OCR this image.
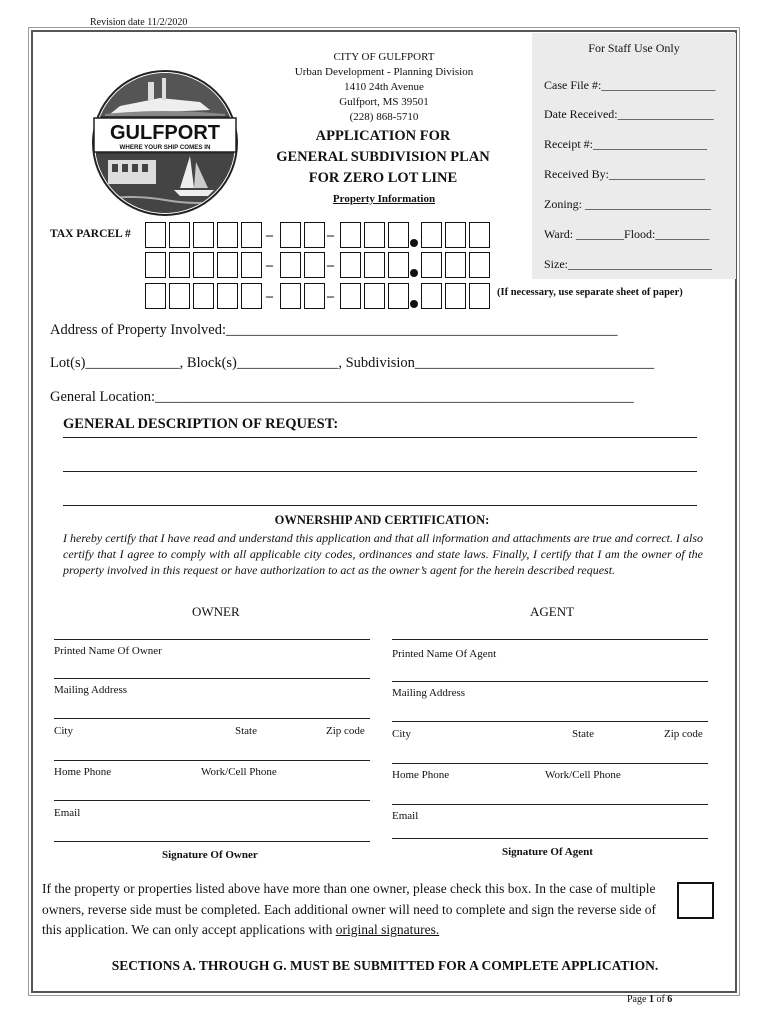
Revision date 11/2/2020
For Staff Use Only
Case File #:___________________
Date Received:________________
Receipt #:___________________
Received By:________________
Zoning: _____________________
Ward: ________Flood:_________
Size:________________________
GULFPORT
WHERE YOUR SHIP COMES IN
CITY OF GULFPORT
Urban Development - Planning Division
1410 24th Avenue
Gulfport, MS 39501
(228) 868-5710
APPLICATION FOR
GENERAL SUBDIVISION PLAN
FOR ZERO LOT LINE
Property Information
TAX PARCEL #	–	–
–	–
–	–	(If necessary, use separate sheet of paper)
Address of Property Involved:______________________________________________________
Lot(s)_____________, Block(s)______________, Subdivision_________________________________
General Location:__________________________________________________________________
GENERAL DESCRIPTION OF REQUEST:
OWNERSHIP AND CERTIFICATION:
I hereby certify that I have read and understand this application and that all information and attachments are true and correct. I also certify that I agree to comply with all applicable city codes, ordinances and state laws. Finally, I certify that I am the owner of the property involved in this request or have authorization to act as the owner’s agent for the herein described request.
OWNER	AGENT
Printed Name Of Owner
Mailing Address
City	State	Zip code
Home Phone	Work/Cell Phone
Email
Signature Of Owner
Printed Name Of Agent
Mailing Address
City	State	Zip code
Home Phone	Work/Cell Phone
Email
Signature Of Agent
If the property or properties listed above have more than one owner, please check this box. In the case of multiple owners, reverse side must be completed. Each additional owner will need to complete and sign the reverse side of this application. We can only accept applications with original signatures.
SECTIONS A. THROUGH G. MUST BE SUBMITTED FOR A COMPLETE APPLICATION.
Page 1 of 6
